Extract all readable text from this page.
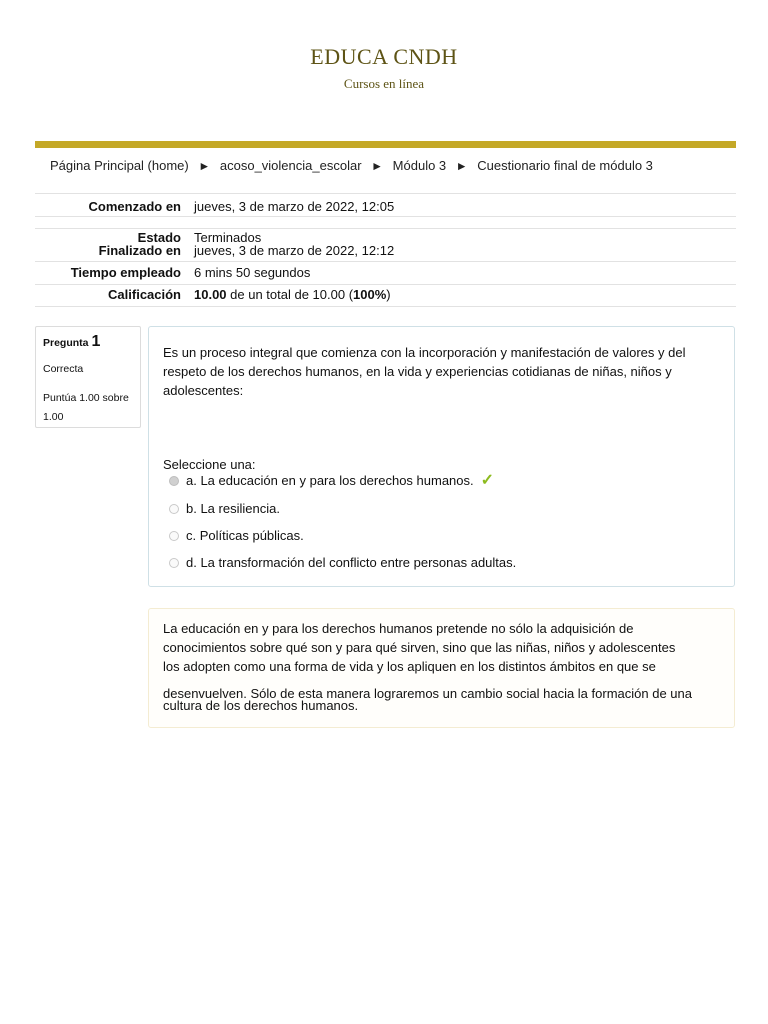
EDUCA CNDH
Cursos en línea
Página Principal (home) ► acoso_violencia_escolar ► Módulo 3 ► Cuestionario final de módulo 3
Comenzado en jueves, 3 de marzo de 2022, 12:05
Estado Terminados
Finalizado en jueves, 3 de marzo de 2022, 12:12
Tiempo empleado 6 mins 50 segundos
Calificación 10.00 de un total de 10.00 (100%)
Pregunta 1
Correcta
Puntúa 1.00 sobre 1.00
Es un proceso integral que comienza con la incorporación y manifestación de valores y del respeto de los derechos humanos, en la vida y experiencias cotidianas de niñas, niños y adolescentes:
Seleccione una:
a. La educación en y para los derechos humanos. ✓
b. La resiliencia.
c. Políticas públicas.
d. La transformación del conflicto entre personas adultas.

La educación en y para los derechos humanos pretende no sólo la adquisición de

conocimientos sobre qué son y para qué sirven, sino que las niñas, niños y adolescentes

los adopten como una forma de vida y los apliquen en los distintos ámbitos en que se

desenvuelven. Sólo de esta manera lograremos un cambio social hacia la formación de una

cultura de los derechos humanos.
